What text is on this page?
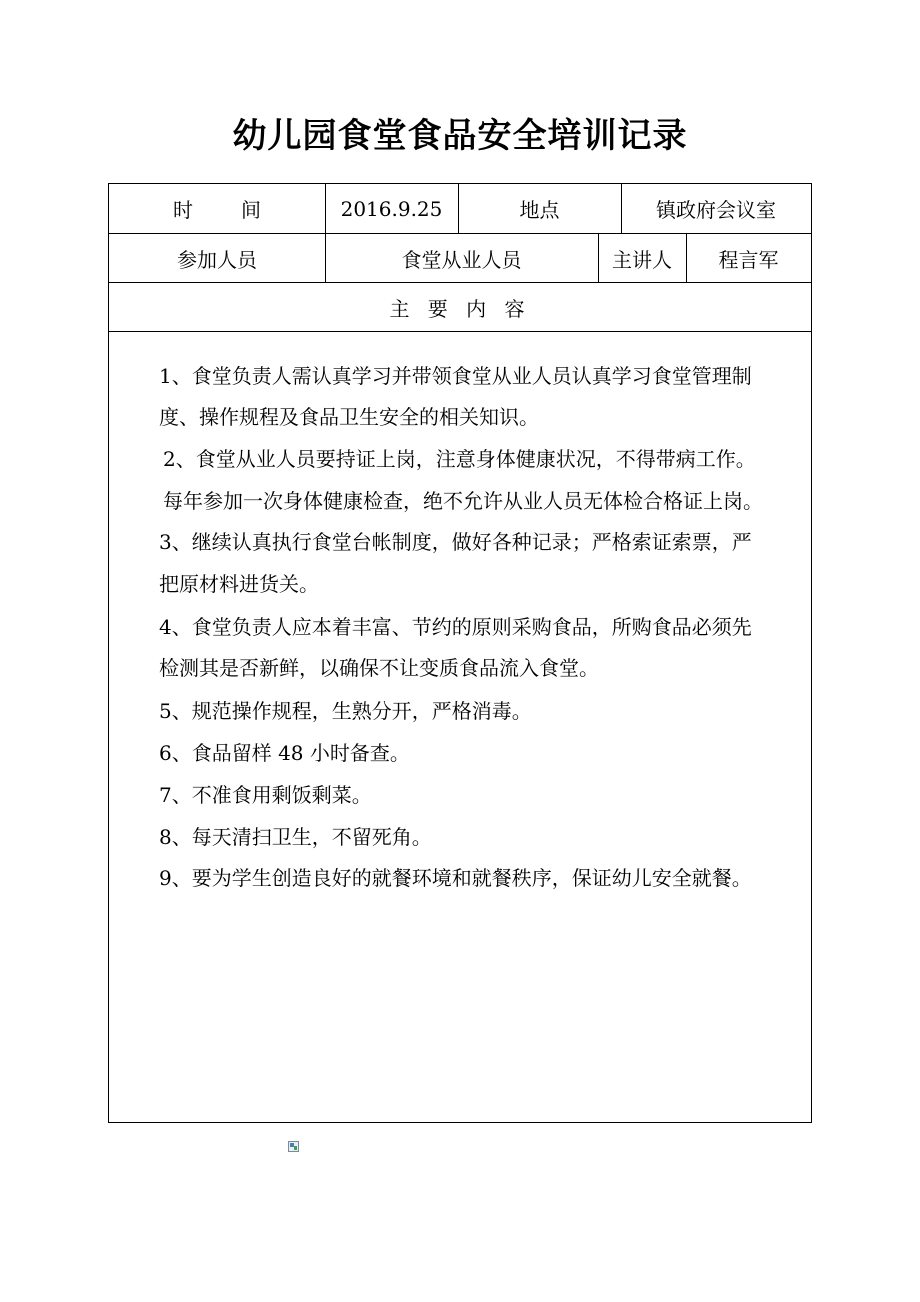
幼儿园食堂食品安全培训记录
时 间	2016.9.25	地点	镇政府会议室
参加人员	食堂从业人员	主讲人	程言军
主 要 内 容
1、食堂负责人需认真学习并带领食堂从业人员认真学习食堂管理制
度、操作规程及食品卫生安全的相关知识。
2、食堂从业人员要持证上岗，注意身体健康状况，不得带病工作。
每年参加一次身体健康检查，绝不允许从业人员无体检合格证上岗。
3、继续认真执行食堂台帐制度，做好各种记录；严格索证索票，严
把原材料进货关。
4、食堂负责人应本着丰富、节约的原则采购食品，所购食品必须先
检测其是否新鲜，以确保不让变质食品流入食堂。
5、规范操作规程，生熟分开，严格消毒。
6、食品留样 48 小时备查。
7、不准食用剩饭剩菜。
8、每天清扫卫生，不留死角。
9、要为学生创造良好的就餐环境和就餐秩序，保证幼儿安全就餐。
